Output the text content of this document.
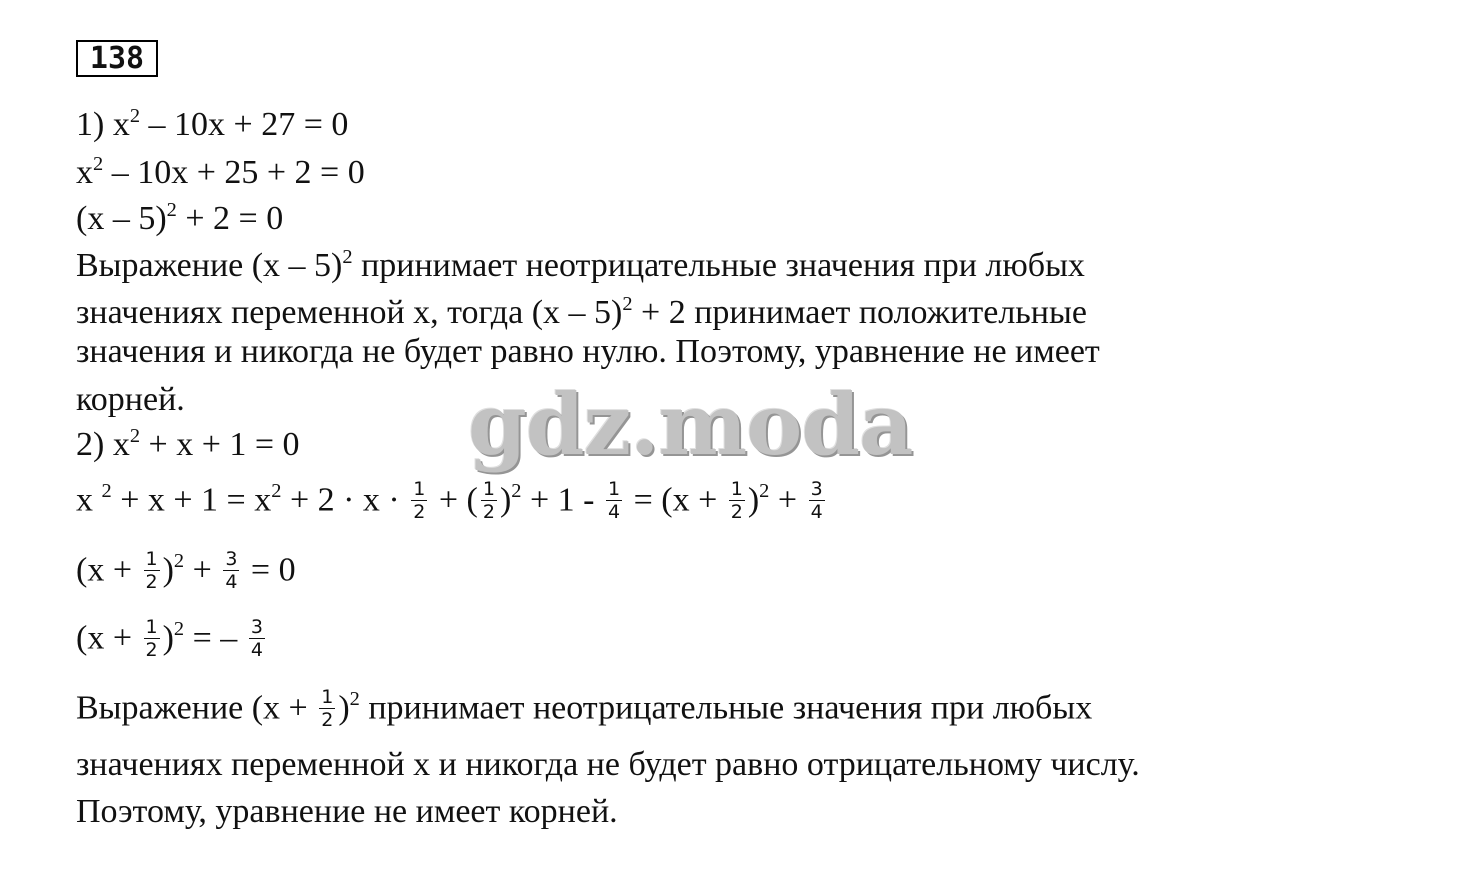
138
1) $x^2 - 10x + 27 = 0$
$x^2 - 10x + 25 + 2 = 0$
(x – 5)$^2$ + 2 = 0
Выражение (x – 5)$^2$ принимает неотрицательные значения при любых
значениях переменной x, тогда (x – 5)$^2$ + 2 принимает положительные
значения и никогда не будет равно нулю. Поэтому, уравнение не имеет
корней.
2) $x^2 + x + 1 = 0$
x $^2 + x + 1 = x^2 + 2 \cdot x \cdot \frac{1}{2}$ + ( $\frac{1}{2} )^2 + 1 - \frac{1}{4} = (x + \frac{1}{2} )^2 + \frac{3}{4}$
$(x + \frac{1}{2} )^2 + \frac{3}{4} = 0$
$(x + \frac{1}{2} )^2$ = – $\frac{3}{4}$
Выражение $(x + \frac{1}{2} )^2$ принимает неотрицательные значения при любых
значениях переменной x и никогда не будет равно отрицательному числу.
Поэтому, уравнение не имеет корней.
gdz.moda
